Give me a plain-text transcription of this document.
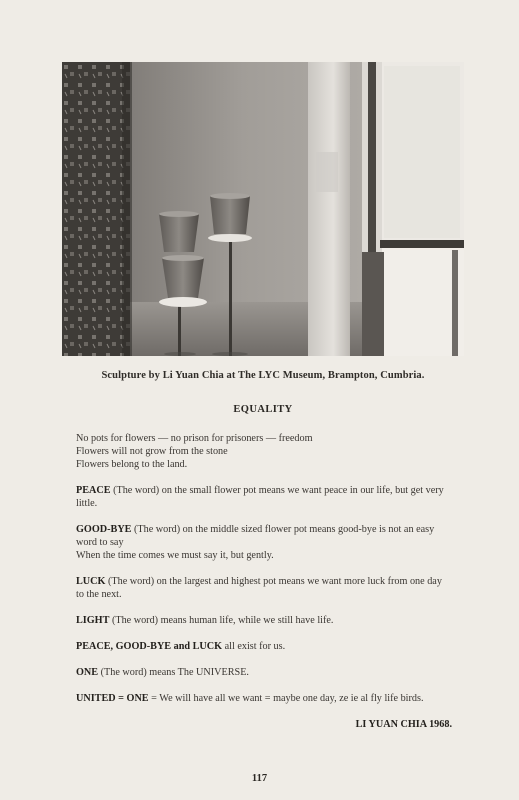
Sculpture by Li Yuan Chia at The LYC Museum, Brampton, Cumbria.
EQUALITY

No pots for flowers — no prison for prisoners — freedom
Flowers will not grow from the stone
Flowers belong to the land.

PEACE (The word) on the small flower pot means we want peace in our life, but get very little.

GOOD-BYE (The word) on the middle sized flower pot means good-bye is not an easy word to say
When the time comes we must say it, but gently.

LUCK (The word) on the largest and highest pot means we want more luck from one day to the next.

LIGHT (The word) means human life, while we still have life.

PEACE, GOOD-BYE and LUCK all exist for us.

ONE (The word) means The UNIVERSE.

UNITED = ONE = We will have all we want = maybe one day, ze ie al fly life birds.

LI YUAN CHIA 1968.
117
